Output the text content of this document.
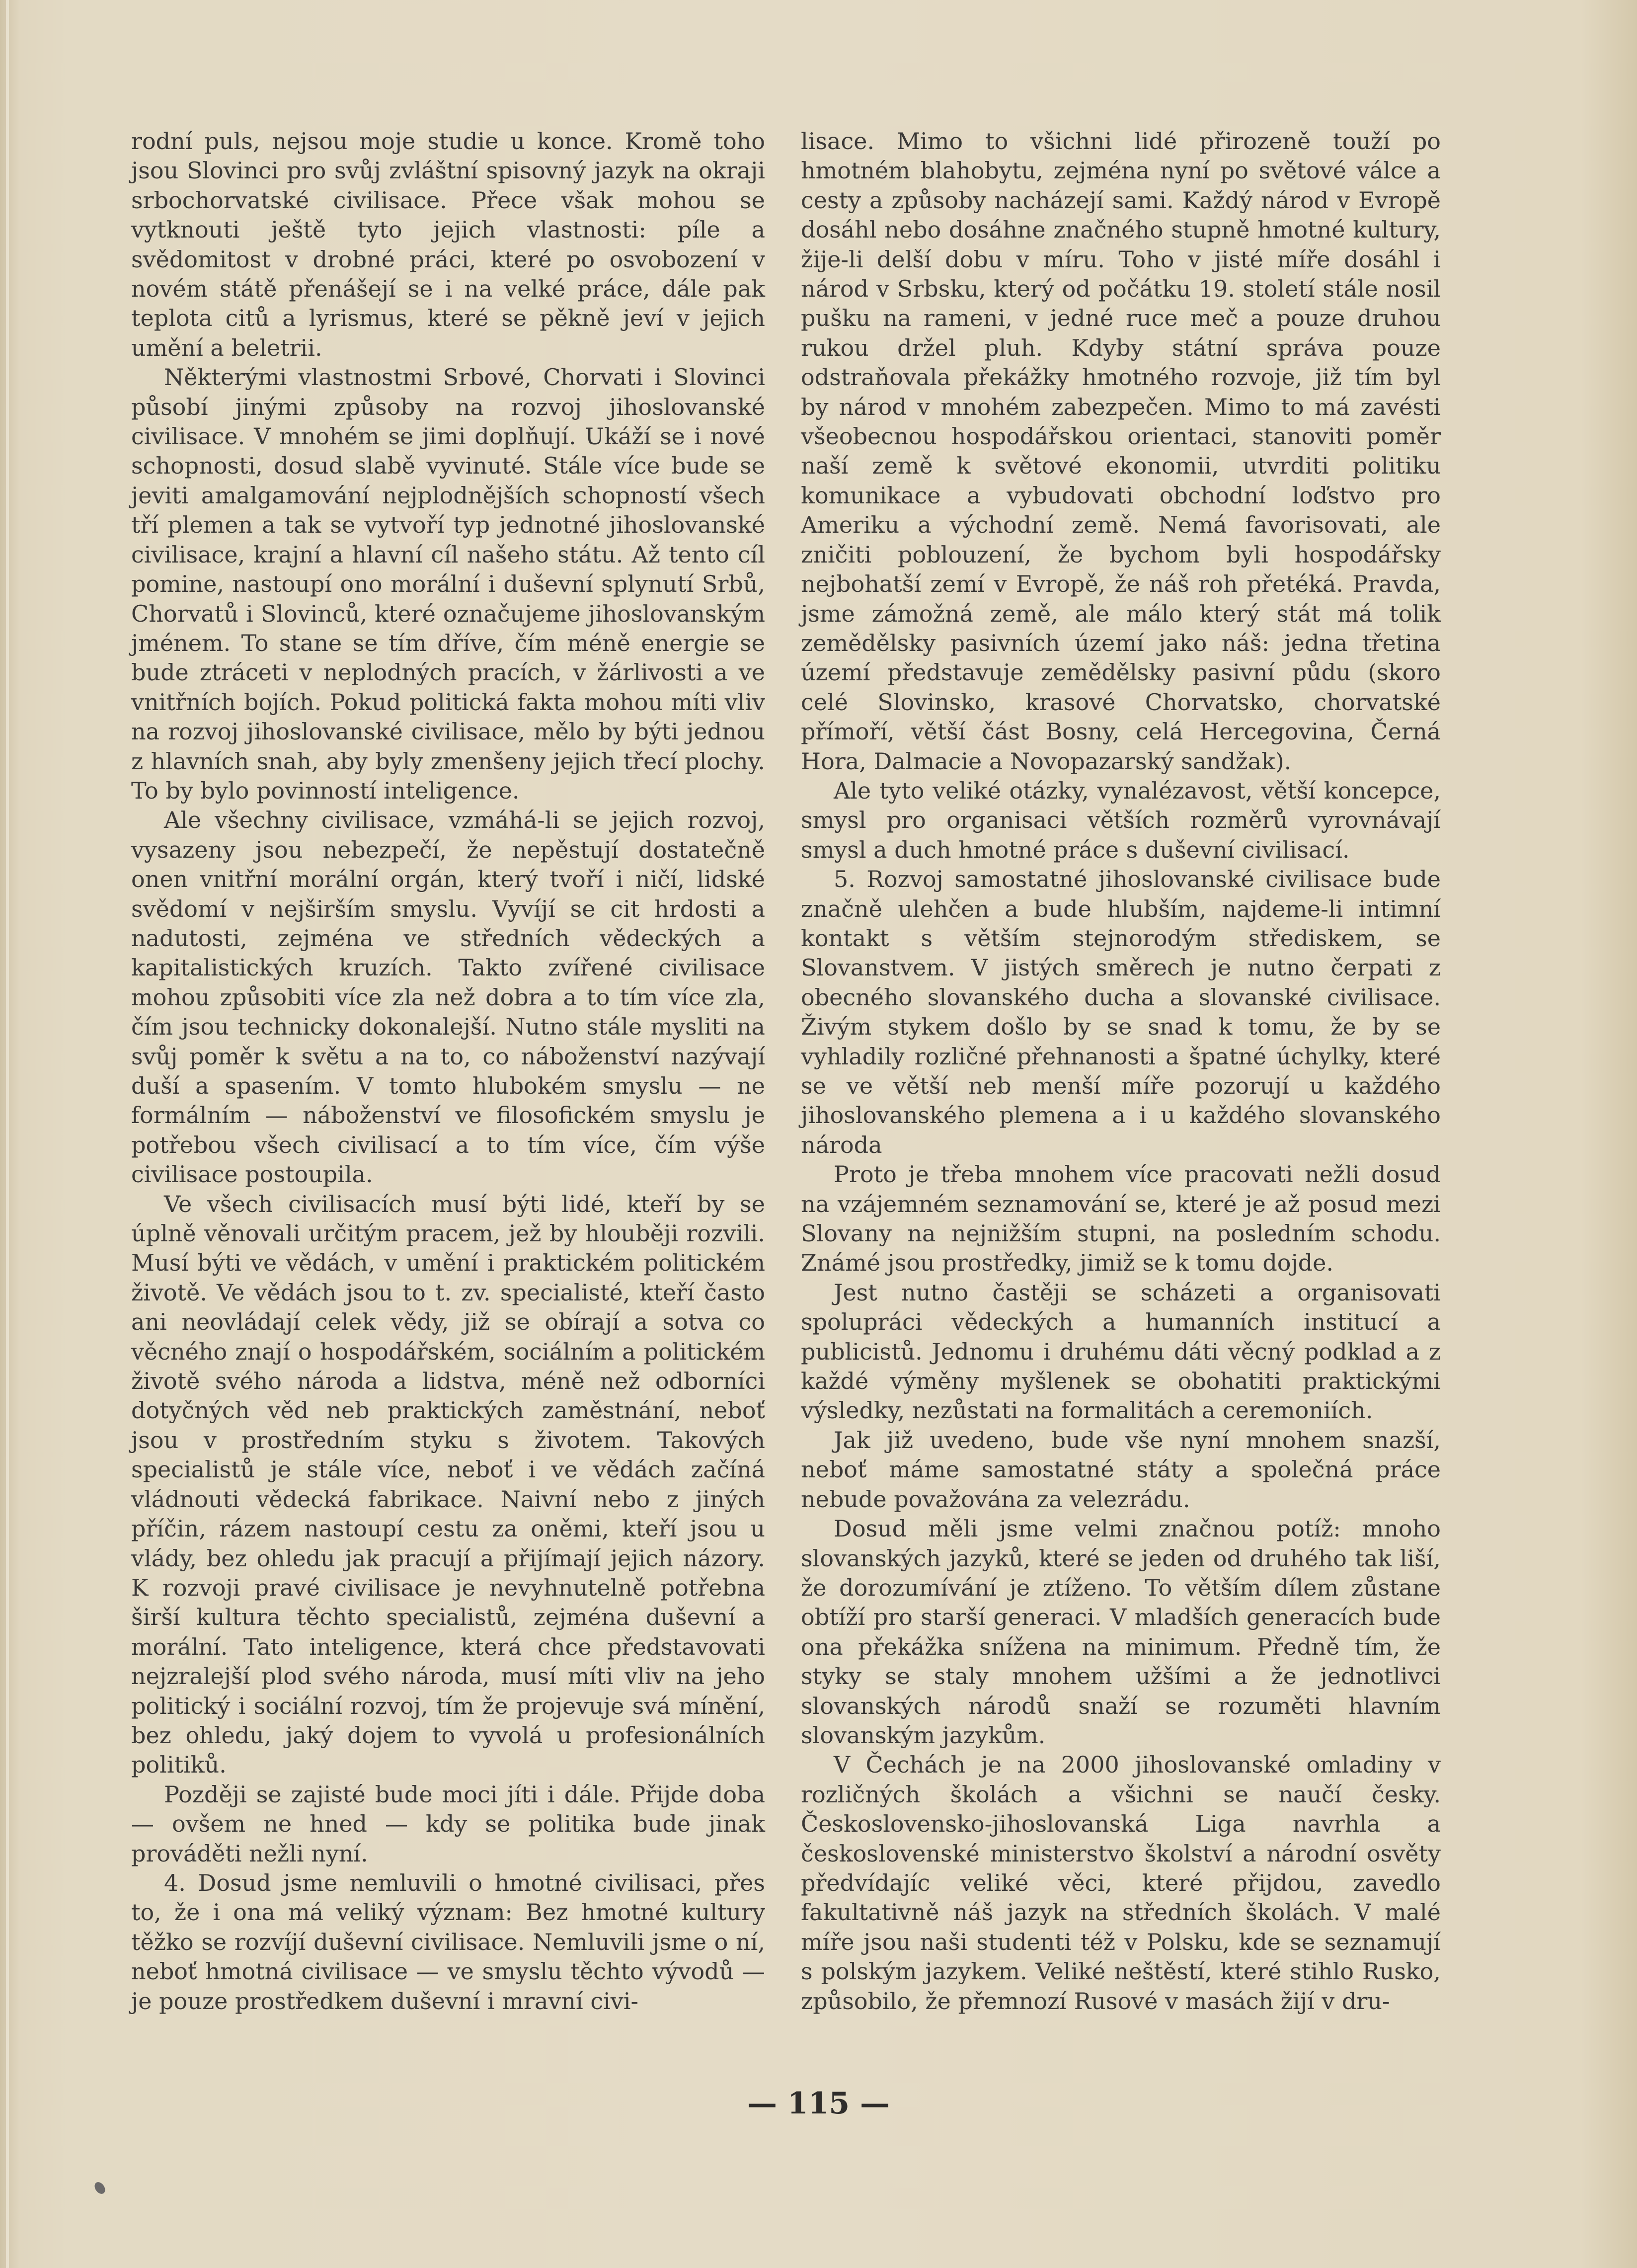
rodní puls, nejsou moje studie u konce. Kromě toho jsou Slovinci pro svůj zvláštní spisovný jazyk na okraji srbochorvatské civilisace. Přece však mohou se vytknouti ještě tyto jejich vlastnosti: píle a svědomitost v drobné práci, které po osvobození v novém státě přenášejí se i na velké práce, dále pak teplota citů a lyrismus, které se pěkně jeví v jejich umění a beletrii.

Některými vlastnostmi Srbové, Chorvati i Slovinci působí jinými způsoby na rozvoj jihoslovanské civilisace. V mnohém se jimi doplňují. Ukáží se i nové schopnosti, dosud slabě vyvinuté. Stále více bude se jeviti amalgamování nejplodnějších schopností všech tří plemen a tak se vytvoří typ jednotné jihoslovanské civilisace, krajní a hlavní cíl našeho státu. Až tento cíl pomine, nastoupí ono morální i duševní splynutí Srbů, Chorvatů i Slovinců, které označujeme jihoslovanským jménem. To stane se tím dříve, čím méně energie se bude ztráceti v neplodných pracích, v žárlivosti a ve vnitřních bojích. Pokud politická fakta mohou míti vliv na rozvoj jihoslovanské civilisace, mělo by býti jednou z hlavních snah, aby byly zmenšeny jejich třecí plochy. To by bylo povinností inteligence.

Ale všechny civilisace, vzmáhá-li se jejich rozvoj, vysazeny jsou nebezpečí, že nepěstují dostatečně onen vnitřní morální orgán, který tvoří i ničí, lidské svědomí v nejširším smyslu. Vyvíjí se cit hrdosti a nadutosti, zejména ve středních vědeckých a kapitalistických kruzích. Takto zvířené civilisace mohou způsobiti více zla než dobra a to tím více zla, čím jsou technicky dokonalejší. Nutno stále mysliti na svůj poměr k světu a na to, co náboženství nazývají duší a spasením. V tomto hlubokém smyslu — ne formálním — náboženství ve filosofickém smyslu je potřebou všech civilisací a to tím více, čím výše civilisace postoupila.

Ve všech civilisacích musí býti lidé, kteří by se úplně věnovali určitým pracem, jež by hlouběji rozvili. Musí býti ve vědách, v umění i praktickém politickém životě. Ve vědách jsou to t. zv. specialisté, kteří často ani neovládají celek vědy, již se obírají a sotva co věcného znají o hospodářském, sociálním a politickém životě svého národa a lidstva, méně než odborníci dotyčných věd neb praktických zaměstnání, neboť jsou v prostředním styku s životem. Takových specialistů je stále více, neboť i ve vědách začíná vládnouti vědecká fabrikace. Naivní nebo z jiných příčin, rázem nastoupí cestu za oněmi, kteří jsou u vlády, bez ohledu jak pracují a přijímají jejich názory. K rozvoji pravé civilisace je nevyhnutelně potřebna širší kultura těchto specialistů, zejména duševní a morální. Tato inteligence, která chce představovati nejzralejší plod svého národa, musí míti vliv na jeho politický i sociální rozvoj, tím že projevuje svá mínění, bez ohledu, jaký dojem to vyvolá u profesionálních politiků.

Později se zajisté bude moci jíti i dále. Přijde doba — ovšem ne hned — kdy se politika bude jinak prováděti nežli nyní.

4. Dosud jsme nemluvili o hmotné civilisaci, přes to, že i ona má veliký význam: Bez hmotné kultury těžko se rozvíjí duševní civilisace. Nemluvili jsme o ní, neboť hmotná civilisace — ve smyslu těchto vývodů — je pouze prostředkem duševní i mravní civi-

lisace. Mimo to všichni lidé přirozeně touží po hmotném blahobytu, zejména nyní po světové válce a cesty a způsoby nacházejí sami. Každý národ v Evropě dosáhl nebo dosáhne značného stupně hmotné kultury, žije-li delší dobu v míru. Toho v jisté míře dosáhl i národ v Srbsku, který od počátku 19. století stále nosil pušku na rameni, v jedné ruce meč a pouze druhou rukou držel pluh. Kdyby státní správa pouze odstraňovala překážky hmotného rozvoje, již tím byl by národ v mnohém zabezpečen. Mimo to má zavésti všeobecnou hospodářskou orientaci, stanoviti poměr naší země k světové ekonomii, utvrditi politiku komunikace a vybudovati obchodní loďstvo pro Ameriku a východní země. Nemá favorisovati, ale zničiti poblouzení, že bychom byli hospodářsky nejbohatší zemí v Evropě, že náš roh přetéká. Pravda, jsme zámožná země, ale málo který stát má tolik zemědělsky pasivních území jako náš: jedna třetina území představuje zemědělsky pasivní půdu (skoro celé Slovinsko, krasové Chorvatsko, chorvatské přímoří, větší část Bosny, celá Hercegovina, Černá Hora, Dalmacie a Novopazarský sandžak).

Ale tyto veliké otázky, vynalézavost, větší koncepce, smysl pro organisaci větších rozměrů vyrovnávají smysl a duch hmotné práce s duševní civilisací.

5. Rozvoj samostatné jihoslovanské civilisace bude značně ulehčen a bude hlubším, najdeme-li intimní kontakt s větším stejnorodým střediskem, se Slovanstvem. V jistých směrech je nutno čerpati z obecného slovanského ducha a slovanské civilisace. Živým stykem došlo by se snad k tomu, že by se vyhladily rozličné přehnanosti a špatné úchylky, které se ve větší neb menší míře pozorují u každého jihoslovanského plemena a i u každého slovanského národa

Proto je třeba mnohem více pracovati nežli dosud na vzájemném seznamování se, které je až posud mezi Slovany na nejnižším stupni, na posledním schodu. Známé jsou prostředky, jimiž se k tomu dojde.

Jest nutno častěji se scházeti a organisovati spolupráci vědeckých a humanních institucí a publicistů. Jednomu i druhému dáti věcný podklad a z každé výměny myšlenek se obohatiti praktickými výsledky, nezůstati na formalitách a ceremoniích.

Jak již uvedeno, bude vše nyní mnohem snazší, neboť máme samostatné státy a společná práce nebude považována za velezrádu.

Dosud měli jsme velmi značnou potíž: mnoho slovanských jazyků, které se jeden od druhého tak liší, že dorozumívání je ztíženo. To větším dílem zůstane obtíží pro starší generaci. V mladších generacích bude ona překážka snížena na minimum. Předně tím, že styky se staly mnohem užšími a že jednotlivci slovanských národů snaží se rozuměti hlavním slovanským jazykům.

V Čechách je na 2000 jihoslovanské omladiny v rozličných školách a všichni se naučí česky. Československo-jihoslovanská Liga navrhla a československé ministerstvo školství a národní osvěty předvídajíc veliké věci, které přijdou, zavedlo fakultativně náš jazyk na středních školách. V malé míře jsou naši studenti též v Polsku, kde se seznamují s polským jazykem. Veliké neštěstí, které stihlo Rusko, způsobilo, že přemnozí Rusové v masách žijí v dru-

— 115 —
